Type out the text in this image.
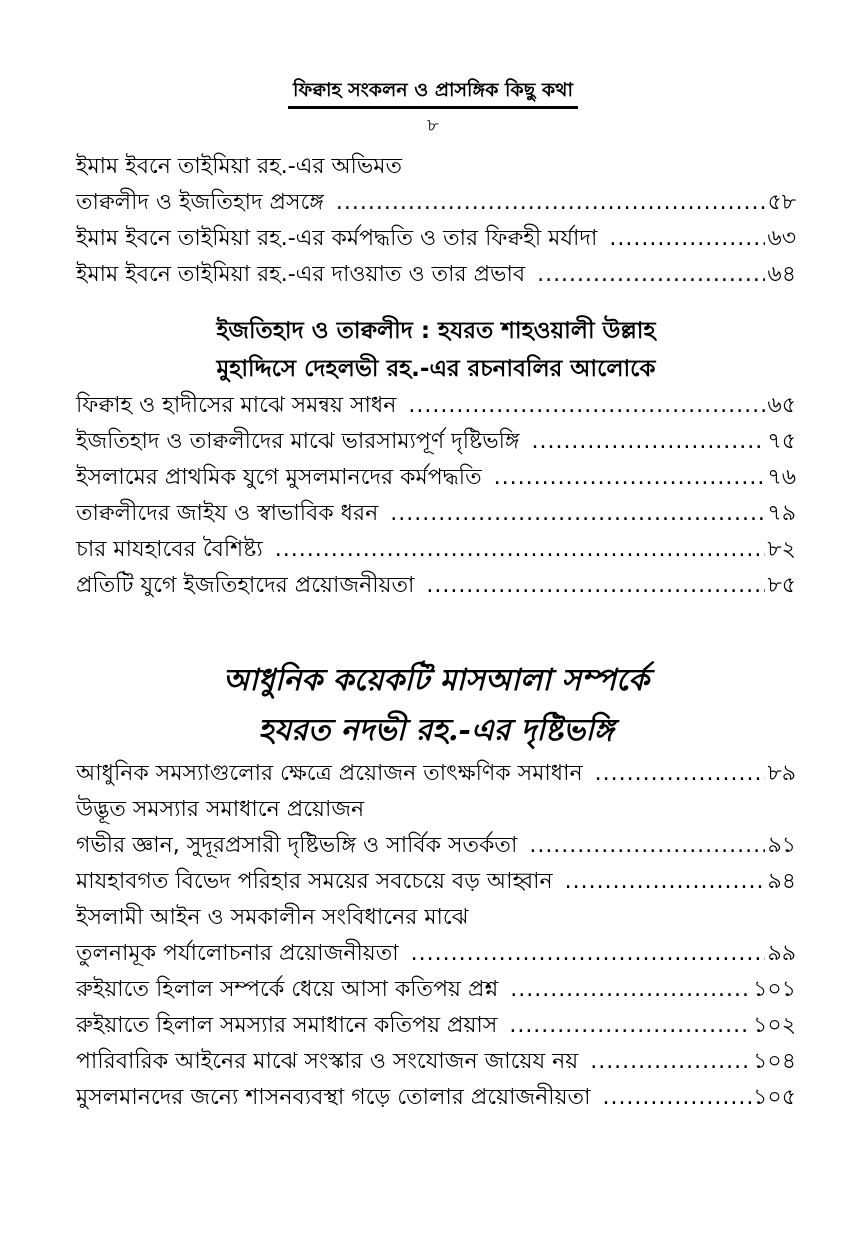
ফিক্বাহ সংকলন ও প্রাসঙ্গিক কিছু কথা
৮
ইমাম ইবনে তাইমিয়া রহ.-এর অভিমত
তাক্বলীদ ও ইজতিহাদ প্রসঙ্গে .....	৫৮
ইমাম ইবনে তাইমিয়া রহ.-এর কর্মপদ্ধতি ও তার ফিক্বহী মর্যাদা .....	৬৩
ইমাম ইবনে তাইমিয়া রহ.-এর দাওয়াত ও তার প্রভাব .....	৬৪
ইজতিহাদ ও তাক্বলীদ : হযরত শাহওয়ালী উল্লাহ
মুহাদ্দিসে দেহলভী রহ.-এর রচনাবলির আলোকে
ফিক্বাহ ও হাদীসের মাঝে সমন্বয় সাধন .....	৬৫
ইজতিহাদ ও তাক্বলীদের মাঝে ভারসাম্যপূর্ণ দৃষ্টিভঙ্গি .....	৭৫
ইসলামের প্রাথমিক যুগে মুসলমানদের কর্মপদ্ধতি .....	৭৬
তাক্বলীদের জাইয ও স্বাভাবিক ধরন .....	৭৯
চার মাযহাবের বৈশিষ্ট্য .....	৮২
প্রতিটি যুগে ইজতিহাদের প্রয়োজনীয়তা .....	৮৫
আধুনিক কয়েকটি মাসআলা সম্পর্কে
হযরত নদভী রহ.-এর দৃষ্টিভঙ্গি
আধুনিক সমস্যাগুলোর ক্ষেত্রে প্রয়োজন তাৎক্ষণিক সমাধান .....	৮৯
উদ্ভূত সমস্যার সমাধানে প্রয়োজন
গভীর জ্ঞান, সুদূরপ্রসারী দৃষ্টিভঙ্গি ও সার্বিক সতর্কতা .....	৯১
মাযহাবগত বিভেদ পরিহার সময়ের সবচেয়ে বড় আহ্বান .....	৯৪
ইসলামী আইন ও সমকালীন সংবিধানের মাঝে
তুলনামূক পর্যালোচনার প্রয়োজনীয়তা .....	৯৯
রুইয়াতে হিলাল সম্পর্কে ধেয়ে আসা কতিপয় প্রশ্ন .....	১০১
রুইয়াতে হিলাল সমস্যার সমাধানে কতিপয় প্রয়াস .....	১০২
পারিবারিক আইনের মাঝে সংস্কার ও সংযোজন জায়েয নয় .....	১০৪
মুসলমানদের জন্যে শাসনব্যবস্থা গড়ে তোলার প্রয়োজনীয়তা .....	১০৫
